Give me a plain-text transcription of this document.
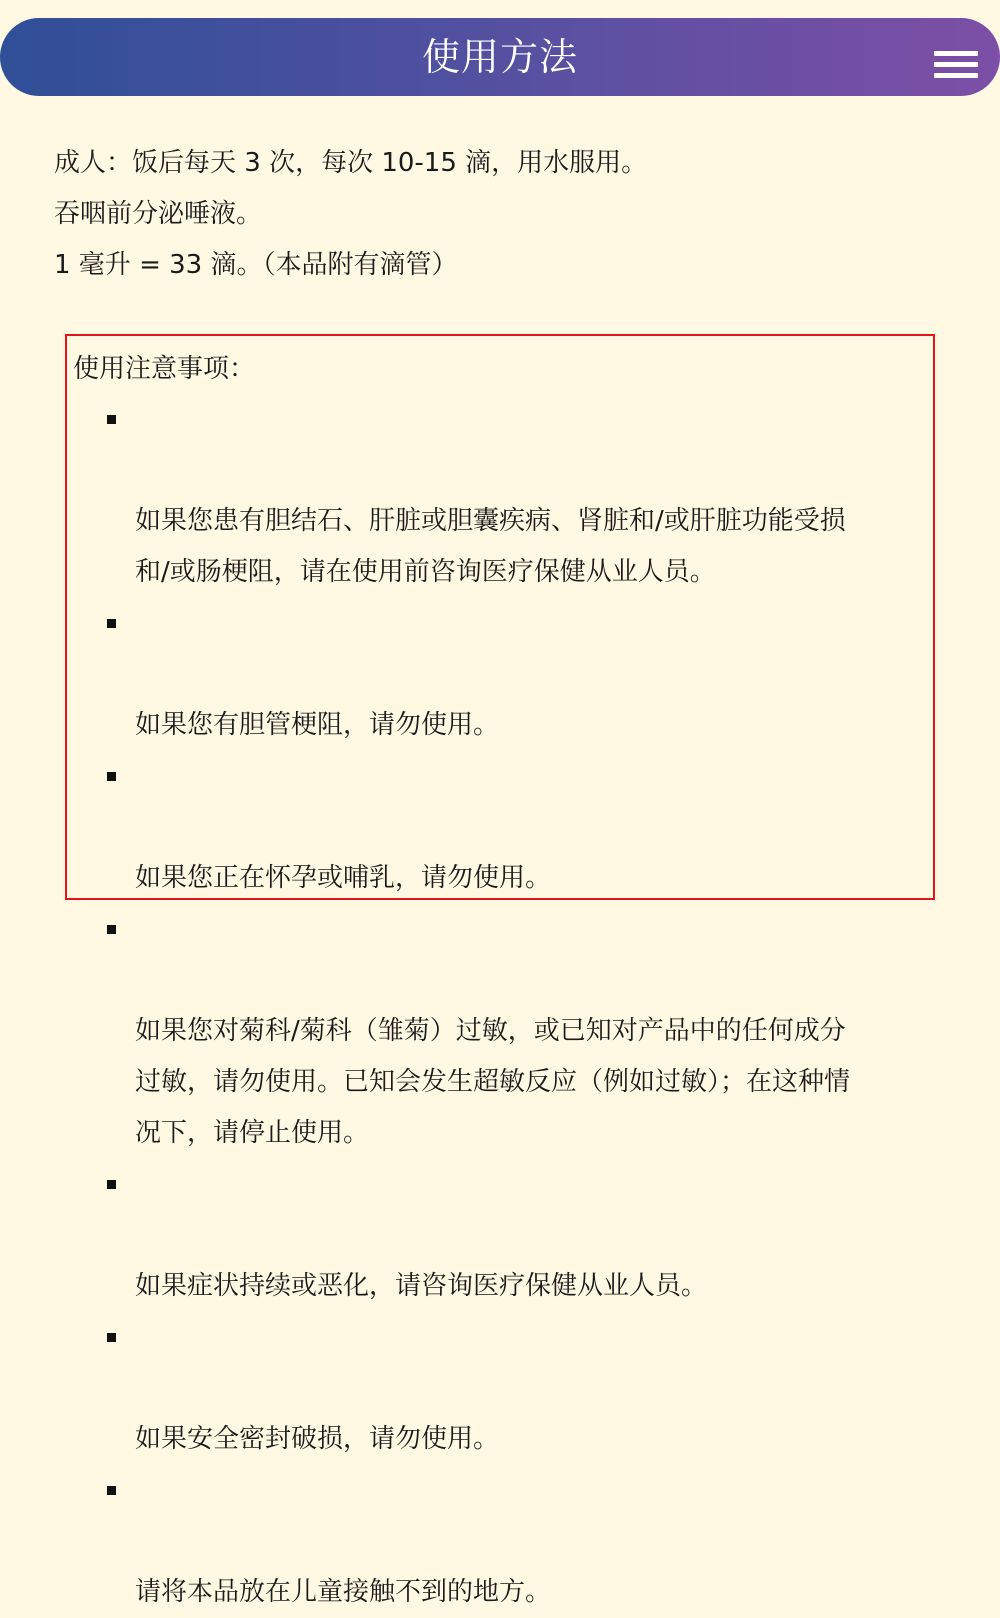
使用方法

成人：饭后每天 3 次，每次 10-15 滴，用水服用。

吞咽前分泌唾液。

1 毫升 = 33 滴。（本品附有滴管）

使用注意事项：

如果您患有胆结石、肝脏或胆囊疾病、肾脏和/或肝脏功能受损
和/或肠梗阻，请在使用前咨询医疗保健从业人员。

如果您有胆管梗阻，请勿使用。

如果您正在怀孕或哺乳，请勿使用。

如果您对菊科/菊科（雏菊）过敏，或已知对产品中的任何成分
过敏，请勿使用。已知会发生超敏反应（例如过敏）；在这种情
况下，请停止使用。

如果症状持续或恶化，请咨询医疗保健从业人员。

如果安全密封破损，请勿使用。

请将本品放在儿童接触不到的地方。
